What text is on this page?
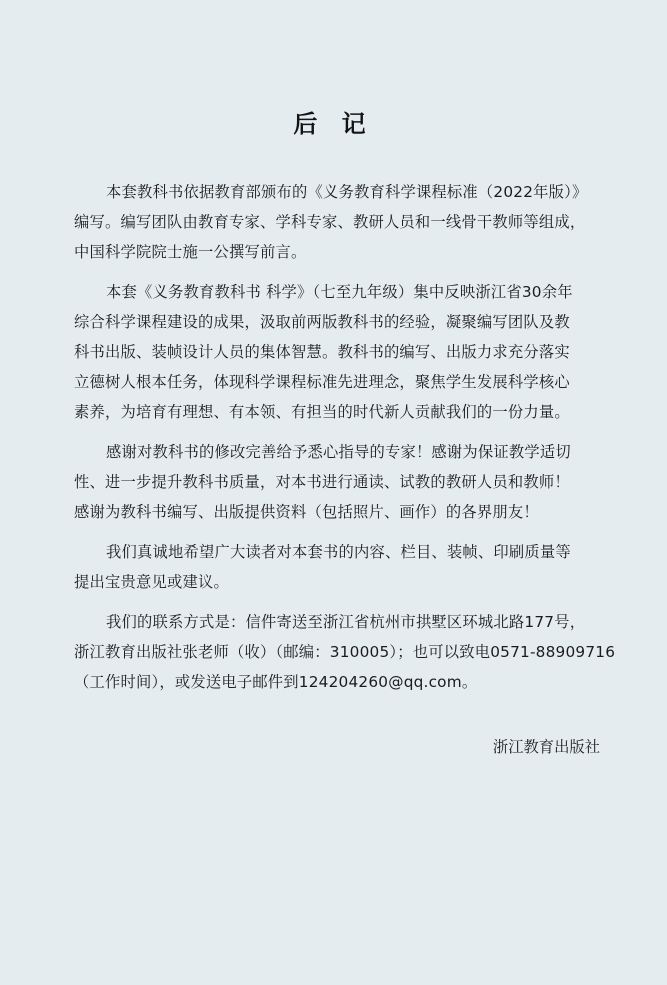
后 记

本套教科书依据教育部颁布的《义务教育科学课程标准（2022年版）》
编写。编写团队由教育专家、学科专家、教研人员和一线骨干教师等组成，
中国科学院院士施一公撰写前言。

本套《义务教育教科书 科学》（七至九年级）集中反映浙江省30余年
综合科学课程建设的成果，汲取前两版教科书的经验，凝聚编写团队及教
科书出版、装帧设计人员的集体智慧。教科书的编写、出版力求充分落实
立德树人根本任务，体现科学课程标准先进理念，聚焦学生发展科学核心
素养，为培育有理想、有本领、有担当的时代新人贡献我们的一份力量。

感谢对教科书的修改完善给予悉心指导的专家！感谢为保证教学适切
性、进一步提升教科书质量，对本书进行通读、试教的教研人员和教师！
感谢为教科书编写、出版提供资料（包括照片、画作）的各界朋友！

我们真诚地希望广大读者对本套书的内容、栏目、装帧、印刷质量等
提出宝贵意见或建议。

我们的联系方式是：信件寄送至浙江省杭州市拱墅区环城北路177号，
浙江教育出版社张老师（收）（邮编：310005）；也可以致电0571-88909716
（工作时间），或发送电子邮件到124204260@qq.com。

浙江教育出版社
